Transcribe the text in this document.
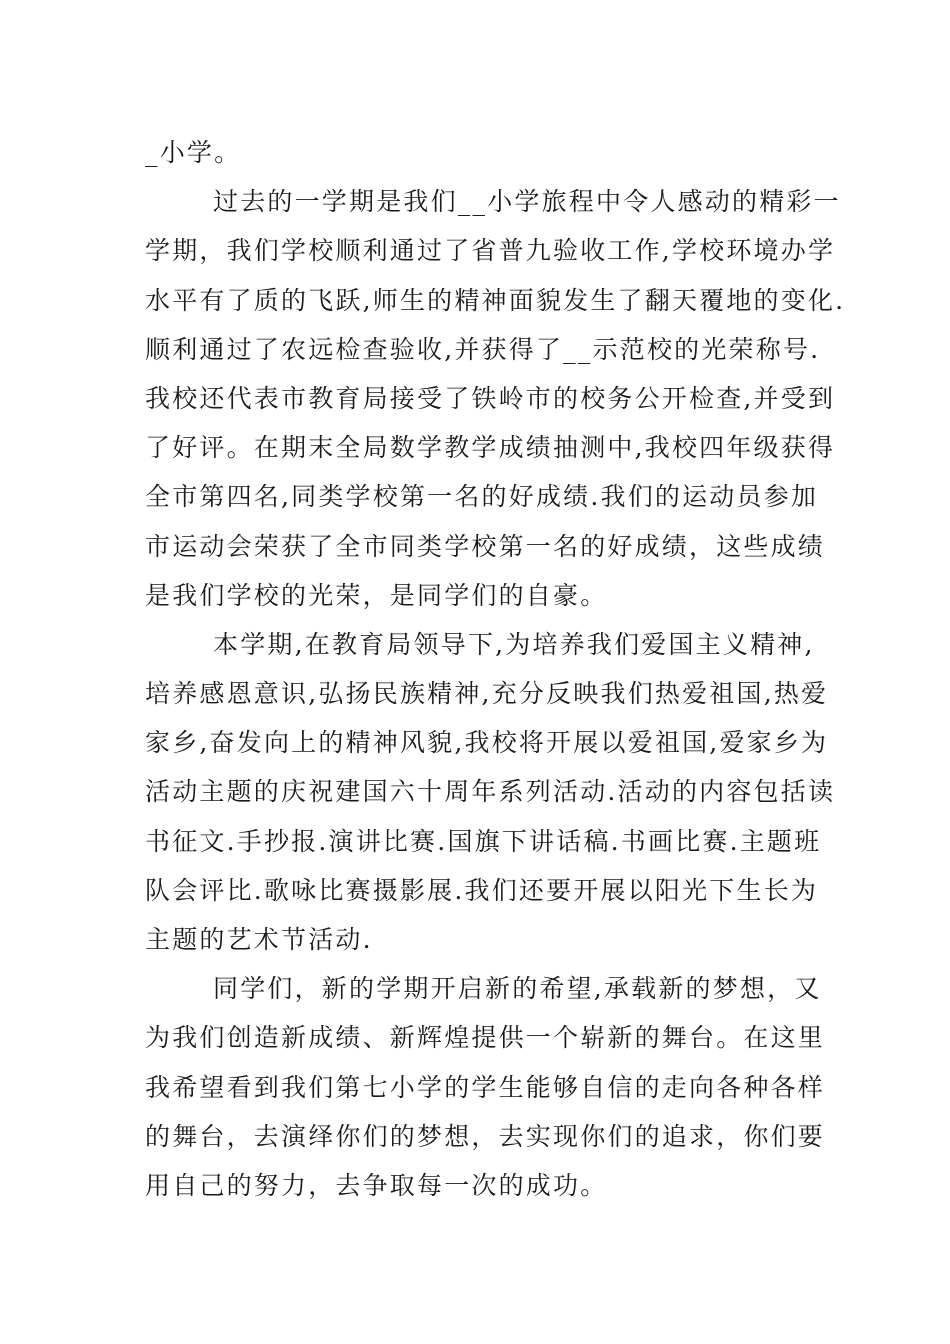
_小学。
过去的一学期是我们__小学旅程中令人感动的精彩一
学期，我们学校顺利通过了省普九验收工作,学校环境办学
水平有了质的飞跃,师生的精神面貌发生了翻天覆地的变化.
顺利通过了农远检查验收,并获得了__示范校的光荣称号.
我校还代表市教育局接受了铁岭市的校务公开检查,并受到
了好评。在期末全局数学教学成绩抽测中,我校四年级获得
全市第四名,同类学校第一名的好成绩.我们的运动员参加
市运动会荣获了全市同类学校第一名的好成绩，这些成绩
是我们学校的光荣，是同学们的自豪。
本学期,在教育局领导下,为培养我们爱国主义精神,
培养感恩意识,弘扬民族精神,充分反映我们热爱祖国,热爱
家乡,奋发向上的精神风貌,我校将开展以爱祖国,爱家乡为
活动主题的庆祝建国六十周年系列活动.活动的内容包括读
书征文.手抄报.演讲比赛.国旗下讲话稿.书画比赛.主题班
队会评比.歌咏比赛摄影展.我们还要开展以阳光下生长为
主题的艺术节活动.
同学们，新的学期开启新的希望,承载新的梦想，又
为我们创造新成绩、新辉煌提供一个崭新的舞台。在这里
我希望看到我们第七小学的学生能够自信的走向各种各样
的舞台，去演绎你们的梦想，去实现你们的追求，你们要
用自己的努力，去争取每一次的成功。
